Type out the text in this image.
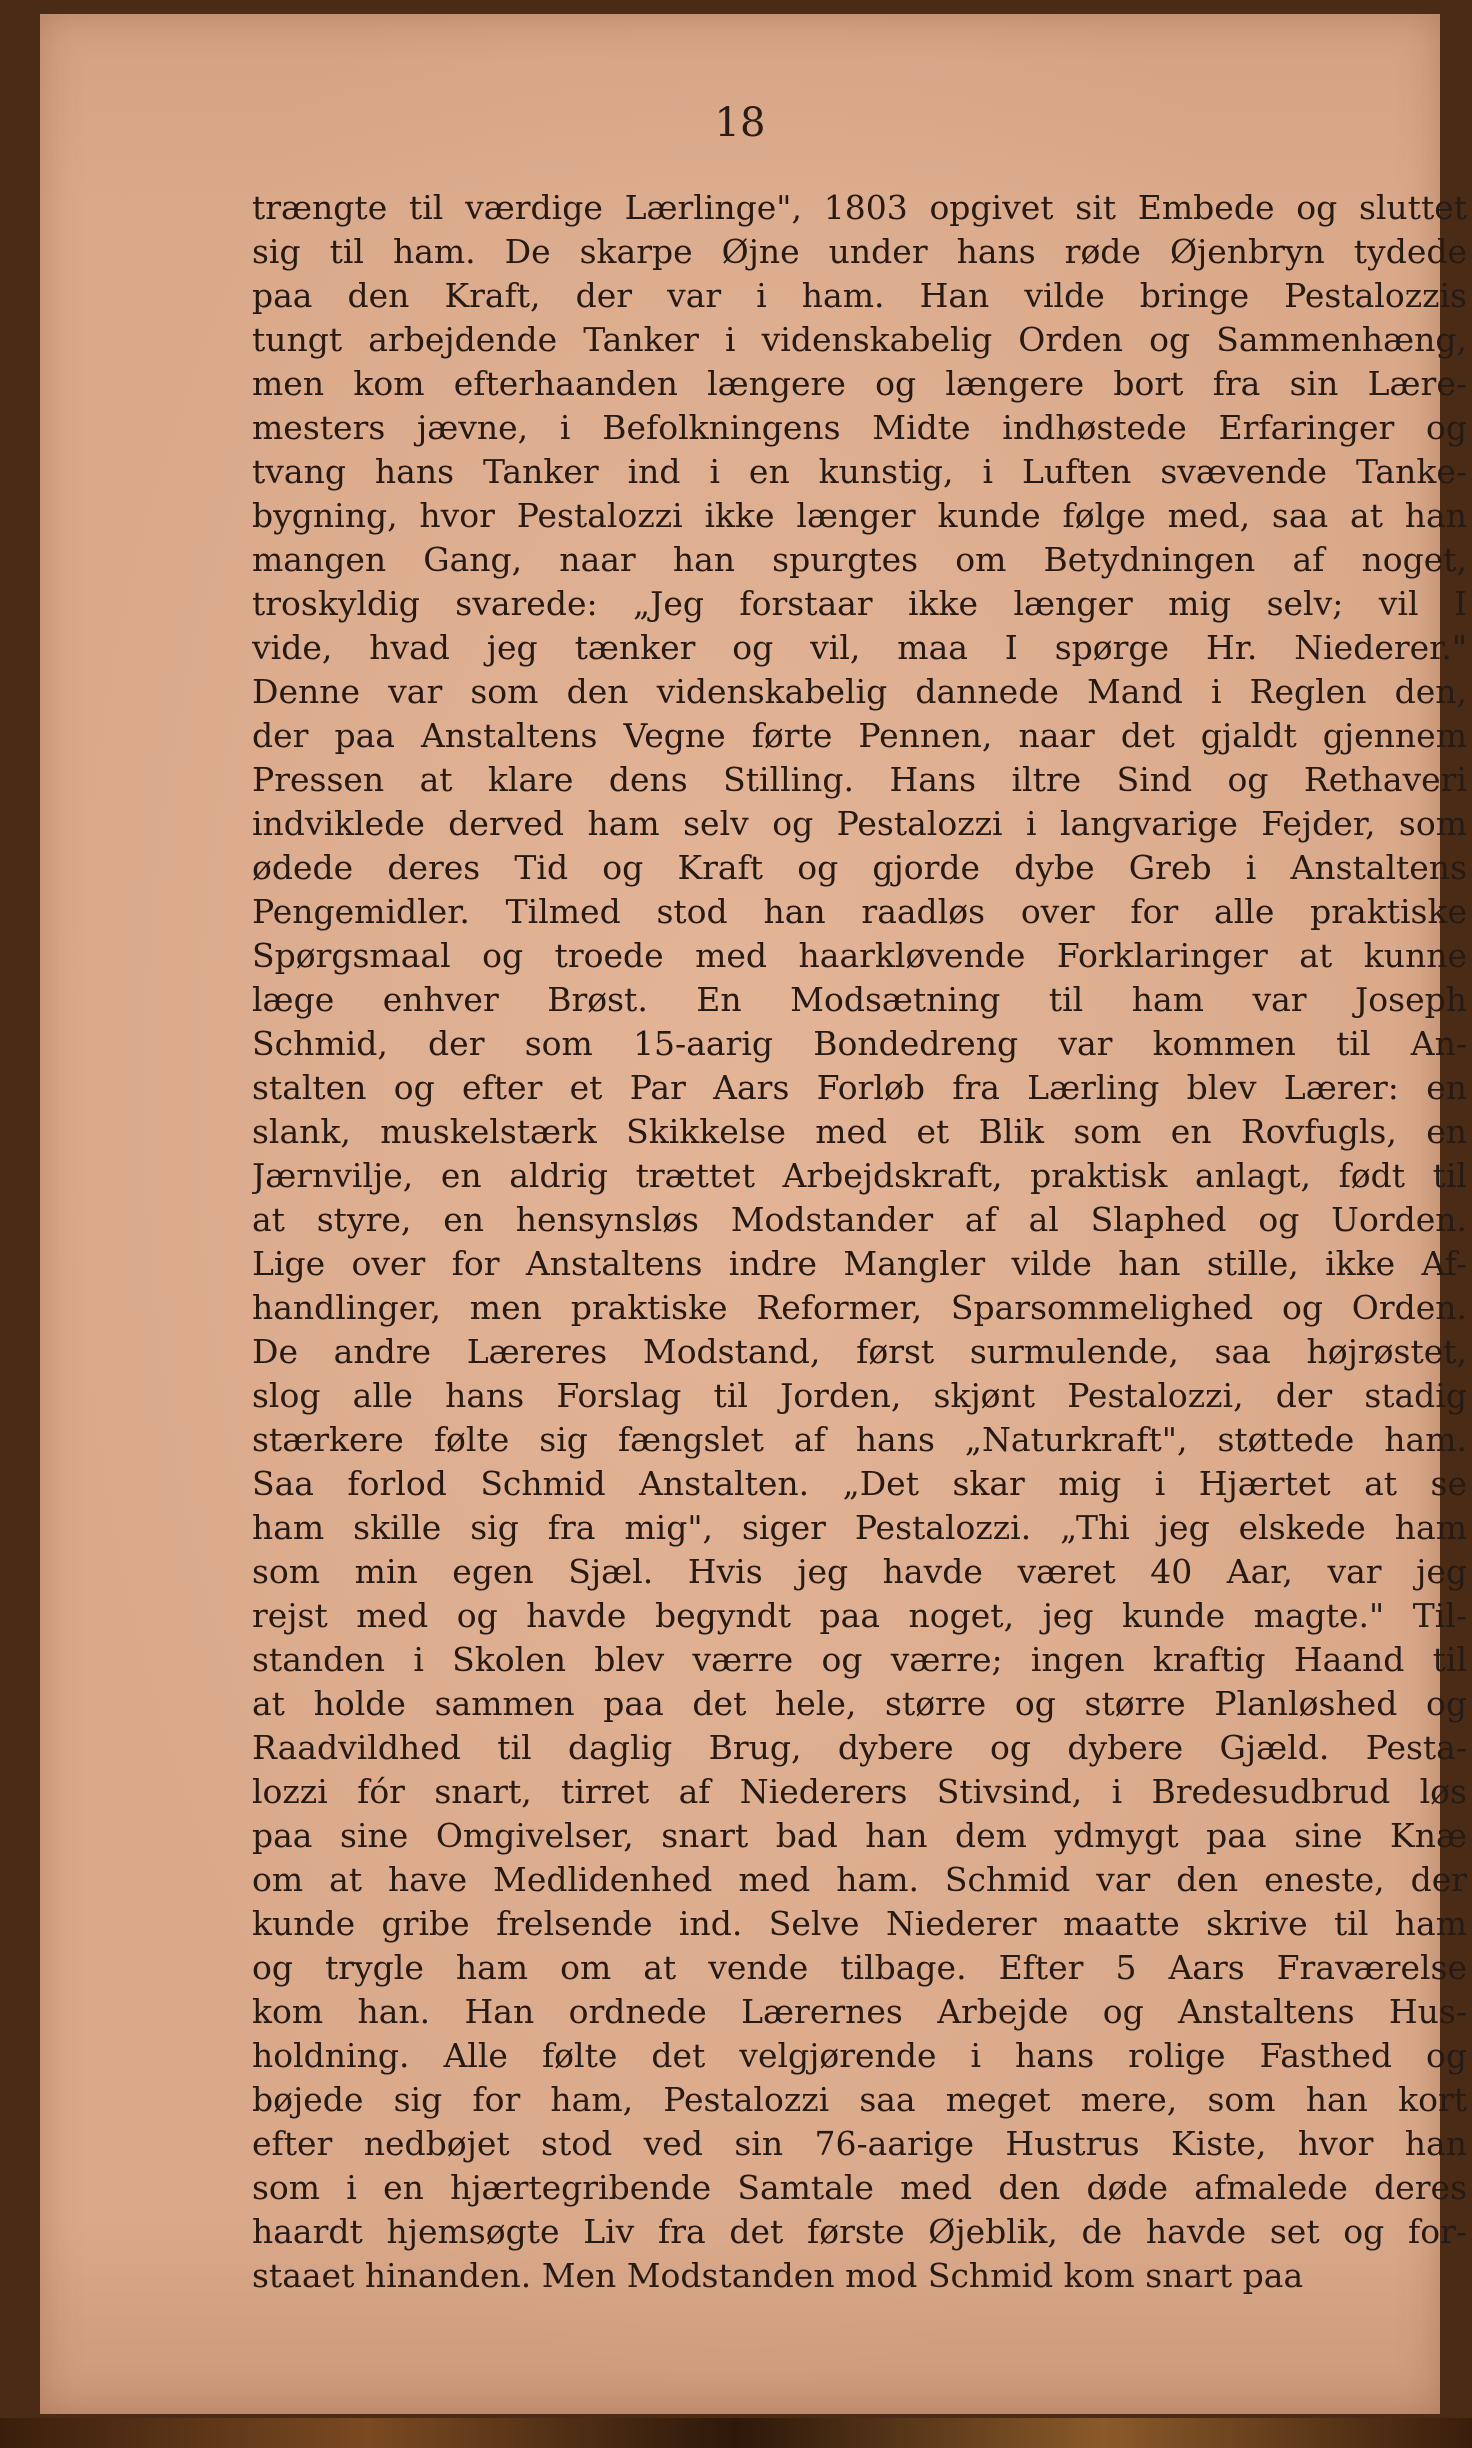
18
trængte til værdige Lærlinge", 1803 opgivet sit Embede og sluttet
sig til ham. De skarpe Øjne under hans røde Øjenbryn tydede
paa den Kraft, der var i ham. Han vilde bringe Pestalozzis
tungt arbejdende Tanker i videnskabelig Orden og Sammenhæng,
men kom efterhaanden længere og længere bort fra sin Lære-
mesters jævne, i Befolkningens Midte indhøstede Erfaringer og
tvang hans Tanker ind i en kunstig, i Luften svævende Tanke-
bygning, hvor Pestalozzi ikke længer kunde følge med, saa at han
mangen Gang, naar han spurgtes om Betydningen af noget,
troskyldig svarede: „Jeg forstaar ikke længer mig selv; vil I
vide, hvad jeg tænker og vil, maa I spørge Hr. Niederer."
Denne var som den videnskabelig dannede Mand i Reglen den,
der paa Anstaltens Vegne førte Pennen, naar det gjaldt gjennem
Pressen at klare dens Stilling. Hans iltre Sind og Rethaveri
indviklede derved ham selv og Pestalozzi i langvarige Fejder, som
ødede deres Tid og Kraft og gjorde dybe Greb i Anstaltens
Pengemidler. Tilmed stod han raadløs over for alle praktiske
Spørgsmaal og troede med haarkløvende Forklaringer at kunne
læge enhver Brøst. En Modsætning til ham var Joseph
Schmid, der som 15-aarig Bondedreng var kommen til An-
stalten og efter et Par Aars Forløb fra Lærling blev Lærer: en
slank, muskelstærk Skikkelse med et Blik som en Rovfugls, en
Jærnvilje, en aldrig trættet Arbejdskraft, praktisk anlagt, født til
at styre, en hensynsløs Modstander af al Slaphed og Uorden.
Lige over for Anstaltens indre Mangler vilde han stille, ikke Af-
handlinger, men praktiske Reformer, Sparsommelighed og Orden.
De andre Læreres Modstand, først surmulende, saa højrøstet,
slog alle hans Forslag til Jorden, skjønt Pestalozzi, der stadig
stærkere følte sig fængslet af hans „Naturkraft", støttede ham.
Saa forlod Schmid Anstalten. „Det skar mig i Hjærtet at se
ham skille sig fra mig", siger Pestalozzi. „Thi jeg elskede ham
som min egen Sjæl. Hvis jeg havde været 40 Aar, var jeg
rejst med og havde begyndt paa noget, jeg kunde magte." Til-
standen i Skolen blev værre og værre; ingen kraftig Haand til
at holde sammen paa det hele, større og større Planløshed og
Raadvildhed til daglig Brug, dybere og dybere Gjæld. Pesta-
lozzi fór snart, tirret af Niederers Stivsind, i Bredesudbrud løs
paa sine Omgivelser, snart bad han dem ydmygt paa sine Knæ
om at have Medlidenhed med ham. Schmid var den eneste, der
kunde gribe frelsende ind. Selve Niederer maatte skrive til ham
og trygle ham om at vende tilbage. Efter 5 Aars Fraværelse
kom han. Han ordnede Lærernes Arbejde og Anstaltens Hus-
holdning. Alle følte det velgjørende i hans rolige Fasthed og
bøjede sig for ham, Pestalozzi saa meget mere, som han kort
efter nedbøjet stod ved sin 76-aarige Hustrus Kiste, hvor han
som i en hjærtegribende Samtale med den døde afmalede deres
haardt hjemsøgte Liv fra det første Øjeblik, de havde set og for-
staaet hinanden. Men Modstanden mod Schmid kom snart paa
